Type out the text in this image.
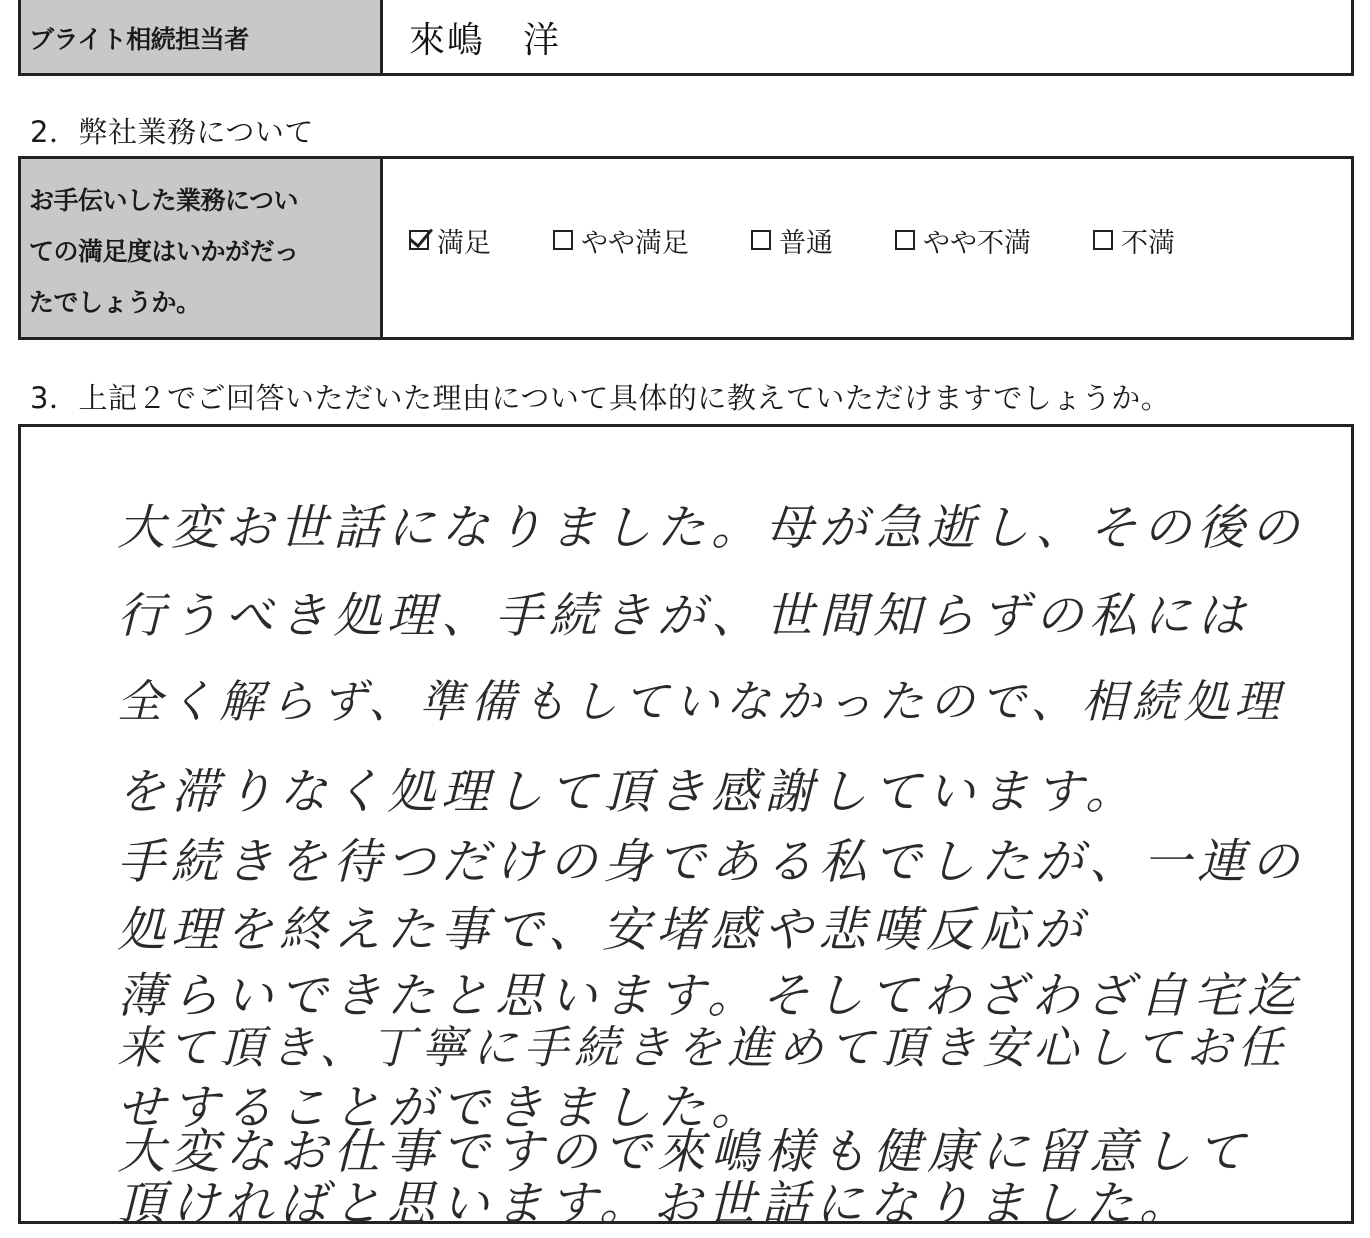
ブライト相続担当者	來嶋　洋
2．弊社業務について
お手伝いした業務につい
ての満足度はいかがだっ
たでしょうか。
満足	やや満足	普通	やや不満	不満
3．上記２でご回答いただいた理由について具体的に教えていただけますでしょうか。
大変お世話になりました。母が急逝し、その後の
行うべき処理、手続きが、世間知らずの私には
全く解らず、準備もしていなかったので、相続処理
を滞りなく処理して頂き感謝しています。
手続きを待つだけの身である私でしたが、一連の
処理を終えた事で、安堵感や悲嘆反応が
薄らいできたと思います。そしてわざわざ自宅迄
来て頂き、丁寧に手続きを進めて頂き安心してお任
せすることができました。
大変なお仕事ですので來嶋様も健康に留意して
頂ければと思います。お世話になりました。
